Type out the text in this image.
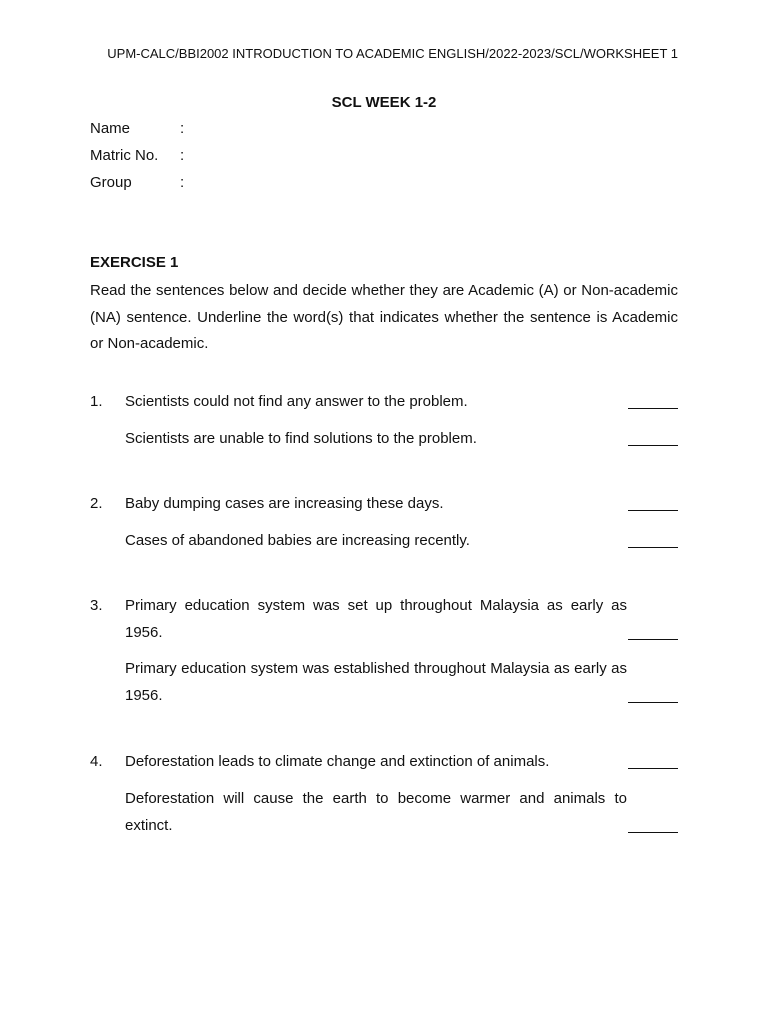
UPM-CALC/BBI2002 INTRODUCTION TO ACADEMIC ENGLISH/2022-2023/SCL/WORKSHEET 1
SCL WEEK 1-2
Name	:
Matric No. :
Group	:
EXERCISE 1
Read the sentences below and decide whether they are Academic (A) or Non-academic (NA) sentence. Underline the word(s) that indicates whether the sentence is Academic or Non-academic.
1. Scientists could not find any answer to the problem.
Scientists are unable to find solutions to the problem.
2. Baby dumping cases are increasing these days.
Cases of abandoned babies are increasing recently.
3. Primary education system was set up throughout Malaysia as early as 1956.
Primary education system was established throughout Malaysia as early as 1956.
4. Deforestation leads to climate change and extinction of animals.
Deforestation will cause the earth to become warmer and animals to extinct.
